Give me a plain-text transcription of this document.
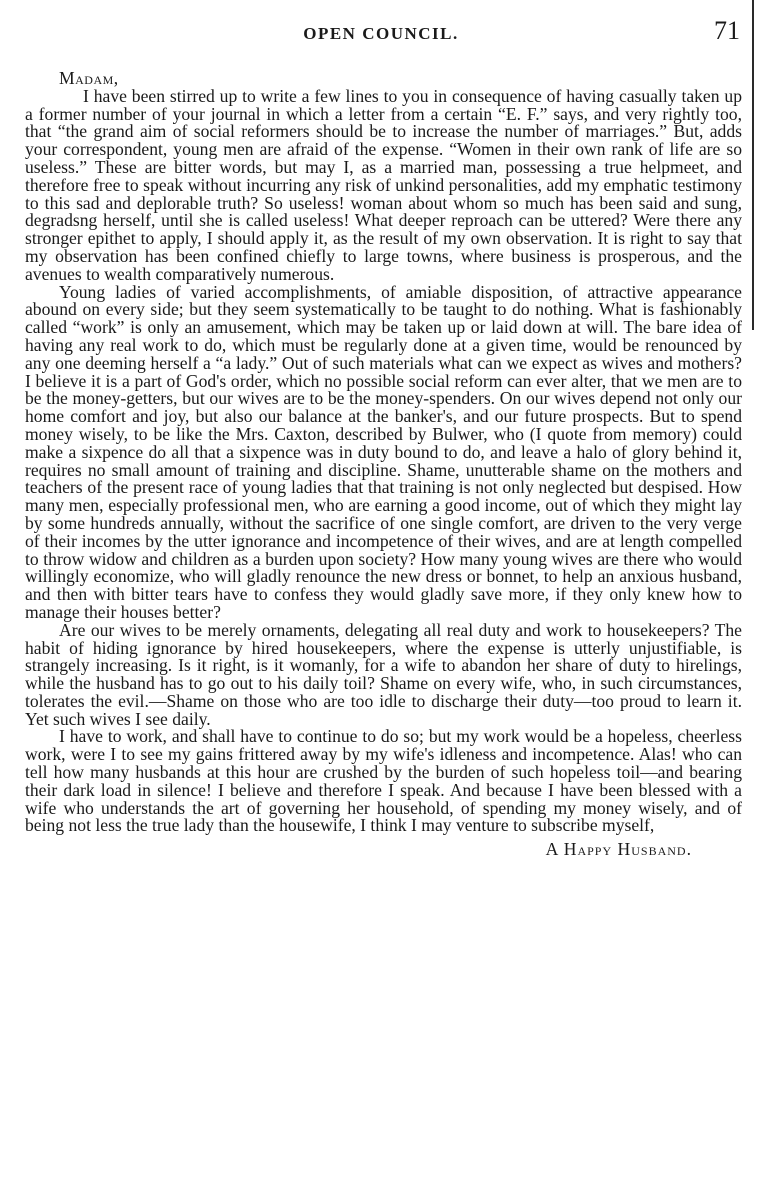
OPEN COUNCIL.	71

Madam,

I have been stirred up to write a few lines to you in consequence of having casually taken up a former number of your journal in which a letter from a certain “E. F.” says, and very rightly too, that “the grand aim of social reformers should be to increase the number of marriages.” But, adds your correspondent, young men are afraid of the expense. “Women in their own rank of life are so useless.” These are bitter words, but may I, as a married man, possessing a true helpmeet, and therefore free to speak without incurring any risk of unkind personalities, add my emphatic testimony to this sad and deplorable truth? So useless! woman about whom so much has been said and sung, degradsng herself, until she is called useless! What deeper reproach can be uttered? Were there any stronger epithet to apply, I should apply it, as the result of my own observation. It is right to say that my observation has been confined chiefly to large towns, where business is prosperous, and the avenues to wealth comparatively numerous.

Young ladies of varied accomplishments, of amiable disposition, of attractive appearance abound on every side; but they seem systematically to be taught to do nothing. What is fashionably called “work” is only an amusement, which may be taken up or laid down at will. The bare idea of having any real work to do, which must be regularly done at a given time, would be renounced by any one deeming herself a “a lady.” Out of such materials what can we expect as wives and mothers? I believe it is a part of God's order, which no possible social reform can ever alter, that we men are to be the money-getters, but our wives are to be the money-spenders. On our wives depend not only our home comfort and joy, but also our balance at the banker's, and our future prospects. But to spend money wisely, to be like the Mrs. Caxton, described by Bulwer, who (I quote from memory) could make a sixpence do all that a sixpence was in duty bound to do, and leave a halo of glory behind it, requires no small amount of training and discipline. Shame, unutterable shame on the mothers and teachers of the present race of young ladies that that training is not only neglected but despised. How many men, especially professional men, who are earning a good income, out of which they might lay by some hundreds annually, without the sacrifice of one single comfort, are driven to the very verge of their incomes by the utter ignorance and incompetence of their wives, and are at length compelled to throw widow and children as a burden upon society? How many young wives are there who would willingly economize, who will gladly renounce the new dress or bonnet, to help an anxious husband, and then with bitter tears have to confess they would gladly save more, if they only knew how to manage their houses better?

Are our wives to be merely ornaments, delegating all real duty and work to housekeepers? The habit of hiding ignorance by hired housekeepers, where the expense is utterly unjustifiable, is strangely increasing. Is it right, is it womanly, for a wife to abandon her share of duty to hirelings, while the husband has to go out to his daily toil? Shame on every wife, who, in such circumstances, tolerates the evil.—Shame on those who are too idle to discharge their duty—too proud to learn it. Yet such wives I see daily.

I have to work, and shall have to continue to do so; but my work would be a hopeless, cheerless work, were I to see my gains frittered away by my wife's idleness and incompetence. Alas! who can tell how many husbands at this hour are crushed by the burden of such hopeless toil—and bearing their dark load in silence! I believe and therefore I speak. And because I have been blessed with a wife who understands the art of governing her household, of spending my money wisely, and of being not less the true lady than the housewife, I think I may venture to subscribe myself,

A Happy Husband.
